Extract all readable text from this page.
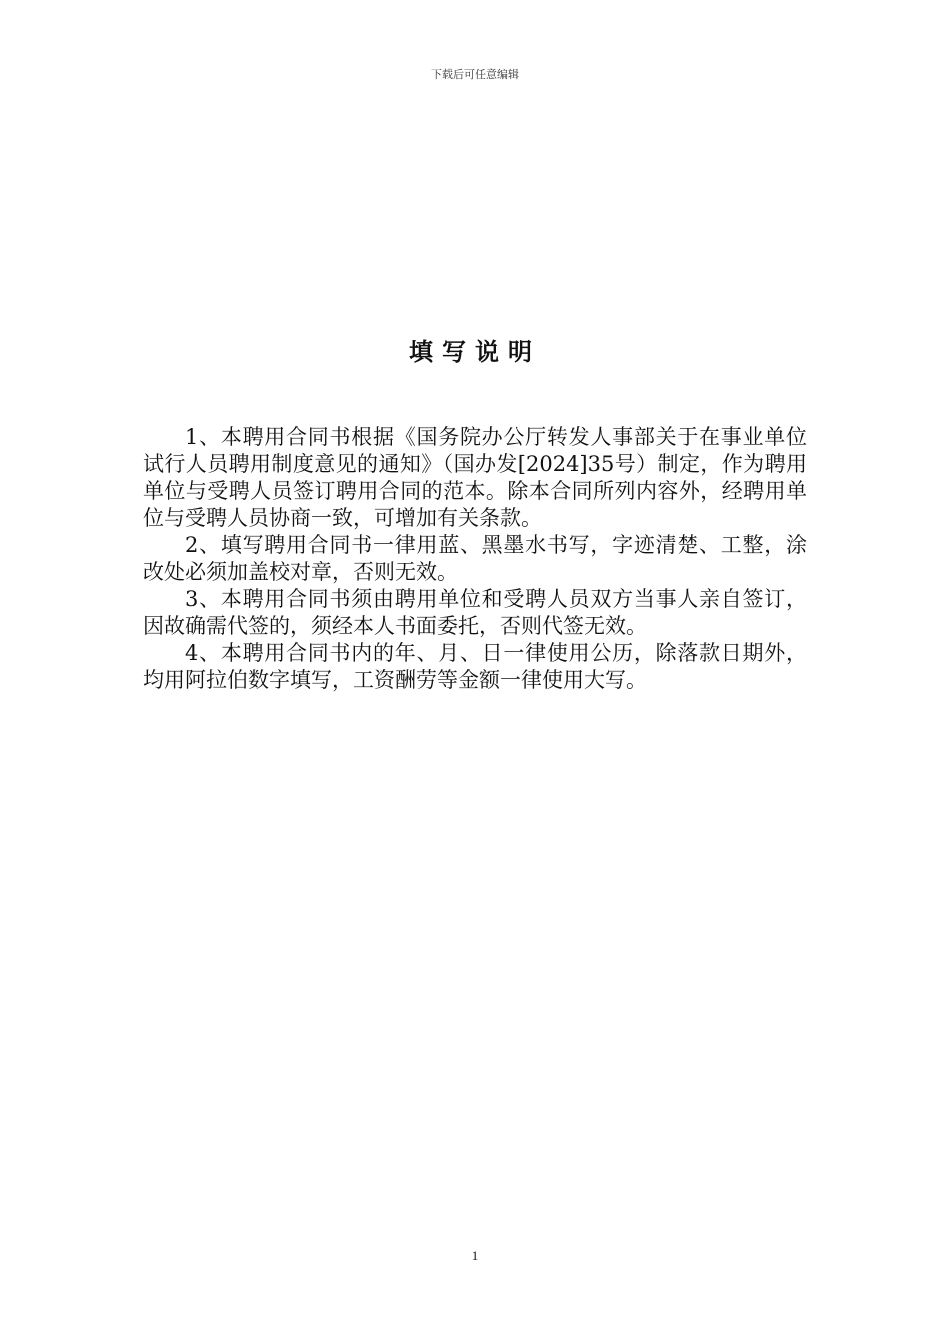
下载后可任意编辑
填写说明

1、本聘用合同书根据《国务院办公厅转发人事部关于在事业单位试行人员聘用制度意见的通知》（国办发[2024]35号）制定，作为聘用单位与受聘人员签订聘用合同的范本。除本合同所列内容外，经聘用单位与受聘人员协商一致，可增加有关条款。

2、填写聘用合同书一律用蓝、黑墨水书写，字迹清楚、工整，涂改处必须加盖校对章，否则无效。

3、本聘用合同书须由聘用单位和受聘人员双方当事人亲自签订，因故确需代签的，须经本人书面委托，否则代签无效。

4、本聘用合同书内的年、月、日一律使用公历，除落款日期外，均用阿拉伯数字填写，工资酬劳等金额一律使用大写。

1
